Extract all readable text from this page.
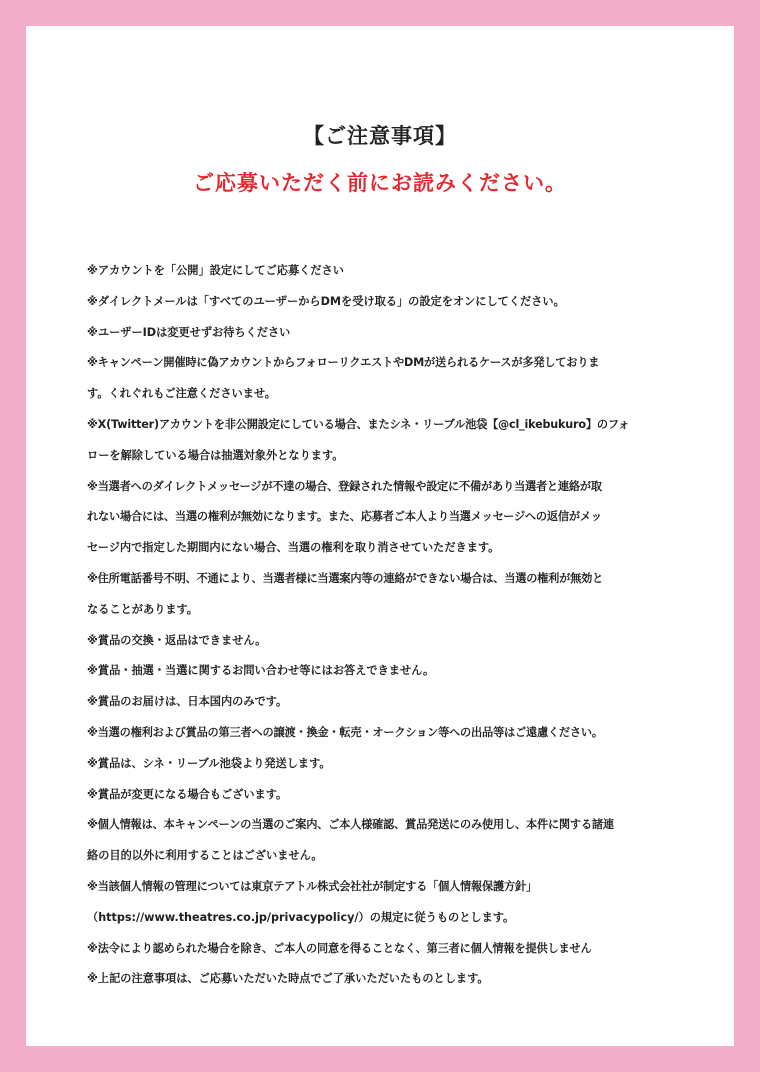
【ご注意事項】
ご応募いただく前にお読みください。
※アカウントを「公開」設定にしてご応募ください
※ダイレクトメールは「すべてのユーザーからDMを受け取る」の設定をオンにしてください。
※ユーザーIDは変更せずお待ちください
※キャンペーン開催時に偽アカウントからフォローリクエストやDMが送られるケースが多発しておりま
す。くれぐれもご注意くださいませ。
※X(Twitter)アカウントを非公開設定にしている場合、またシネ・リーブル池袋【@cl_ikebukuro】のフォ
ローを解除している場合は抽選対象外となります。
※当選者へのダイレクトメッセージが不達の場合、登録された情報や設定に不備があり当選者と連絡が取
れない場合には、当選の権利が無効になります。また、応募者ご本人より当選メッセージへの返信がメッ
セージ内で指定した期間内にない場合、当選の権利を取り消させていただきます。
※住所電話番号不明、不通により、当選者様に当選案内等の連絡ができない場合は、当選の権利が無効と
なることがあります。
※賞品の交換・返品はできません。
※賞品・抽選・当選に関するお問い合わせ等にはお答えできません。
※賞品のお届けは、日本国内のみです。
※当選の権利および賞品の第三者への譲渡・換金・転売・オークション等への出品等はご遠慮ください。
※賞品は、シネ・リーブル池袋より発送します。
※賞品が変更になる場合もございます。
※個人情報は、本キャンペーンの当選のご案内、ご本人様確認、賞品発送にのみ使用し、本件に関する諸連
絡の目的以外に利用することはございません。
※当該個人情報の管理については東京テアトル株式会社社が制定する「個人情報保護方針」
（https://www.theatres.co.jp/privacypolicy/）の規定に従うものとします。
※法令により認められた場合を除き、ご本人の同意を得ることなく、第三者に個人情報を提供しません
※上記の注意事項は、ご応募いただいた時点でご了承いただいたものとします。
